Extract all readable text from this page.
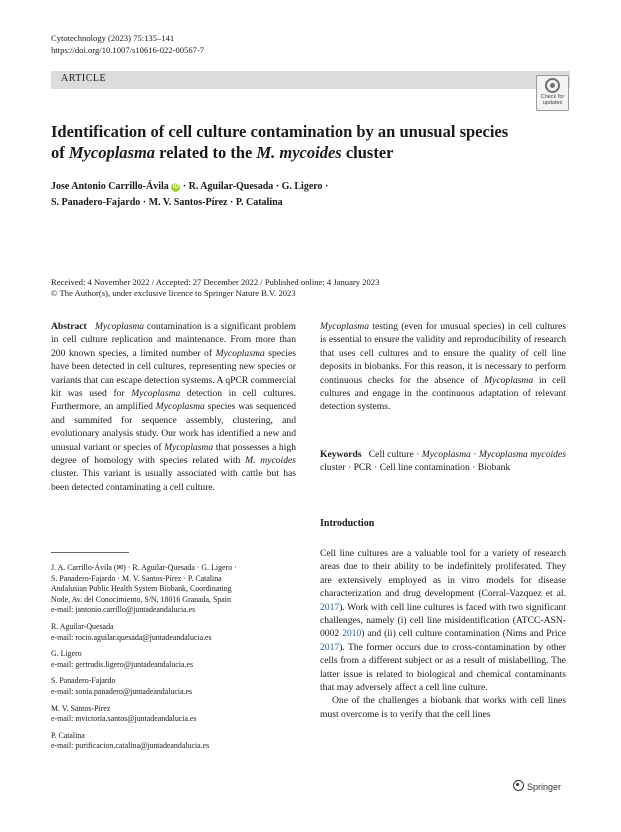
Cytotechnology (2023) 75:135–141
https://doi.org/10.1007/s10616-022-00567-7
ARTICLE
Check for
updates
Identification of cell culture contamination by an unusual species of Mycoplasma related to the M. mycoides cluster
Jose Antonio Carrillo-Ávila iD · R. Aguilar-Quesada · G. Ligero ·
S. Panadero-Fajardo · M. V. Santos-Pírez · P. Catalina
Received: 4 November 2022 / Accepted: 27 December 2022 / Published online: 4 January 2023
© The Author(s), under exclusive licence to Springer Nature B.V. 2023

Abstract Mycoplasma contamination is a significant problem in cell culture replication and maintenance. From more than 200 known species, a limited number of Mycoplasma species have been detected in cell cultures, representing new species or variants that can escape detection systems. A qPCR commercial kit was used for Mycoplasma detection in cell cultures. Furthermore, an amplified Mycoplasma species was sequenced and summited for sequence assembly, clustering, and evolutionary analysis study. Our work has identified a new and unusual variant or species of Mycoplasma that possesses a high degree of homology with species related with M. mycoides cluster. This variant is usually associated with cattle but has been detected contaminating a cell culture.

Mycoplasma testing (even for unusual species) in cell cultures is essential to ensure the validity and reproducibility of research that uses cell cultures and to ensure the quality of cell line deposits in biobanks. For this reason, it is necessary to perform continuous checks for the absence of Mycoplasma in cell cultures and engage in the continuous adaptation of relevant detection systems.

Keywords Cell culture · Mycoplasma · Mycoplasma mycoides cluster · PCR · Cell line contamination · Biobank
Introduction

Cell line cultures are a valuable tool for a variety of research areas due to their ability to be indefinitely proliferated. They are extensively employed as in vitro models for disease characterization and drug development (Corral-Vazquez et al. 2017). Work with cell line cultures is faced with two significant challenges, namely (i) cell line misidentification (ATCC-ASN-0002 2010) and (ii) cell culture contamination (Nims and Price 2017). The former occurs due to cross-contamination by other cells from a different subject or as a result of mislabelling. The latter issue is related to biological and chemical contaminants that may adversely affect a cell line culture.

One of the challenges a biobank that works with cell lines must overcome is to verify that the cell lines

J. A. Carrillo-Ávila (✉) · R. Aguilar-Quesada · G. Ligero ·
S. Panadero-Fajardo · M. V. Santos-Pírez · P. Catalina
Andalusian Public Health System Biobank, Coordinating
Node, Av. del Conocimiento, S/N, 18016 Granada, Spain
e-mail: jantonio.carrillo@juntadeandalucia.es
R. Aguilar-Quesada
e-mail: rocio.aguilar.quesada@juntadeandalucia.es
G. Ligero
e-mail: gertrudis.ligero@juntadeandalucia.es
S. Panadero-Fajardo
e-mail: sonia.panadero@juntadeandalucia.es
M. V. Santos-Pírez
e-mail: mvictoria.santos@juntadeandalucia.es
P. Catalina
e-mail: purificacion.catalina@juntadeandalucia.es
Springer
